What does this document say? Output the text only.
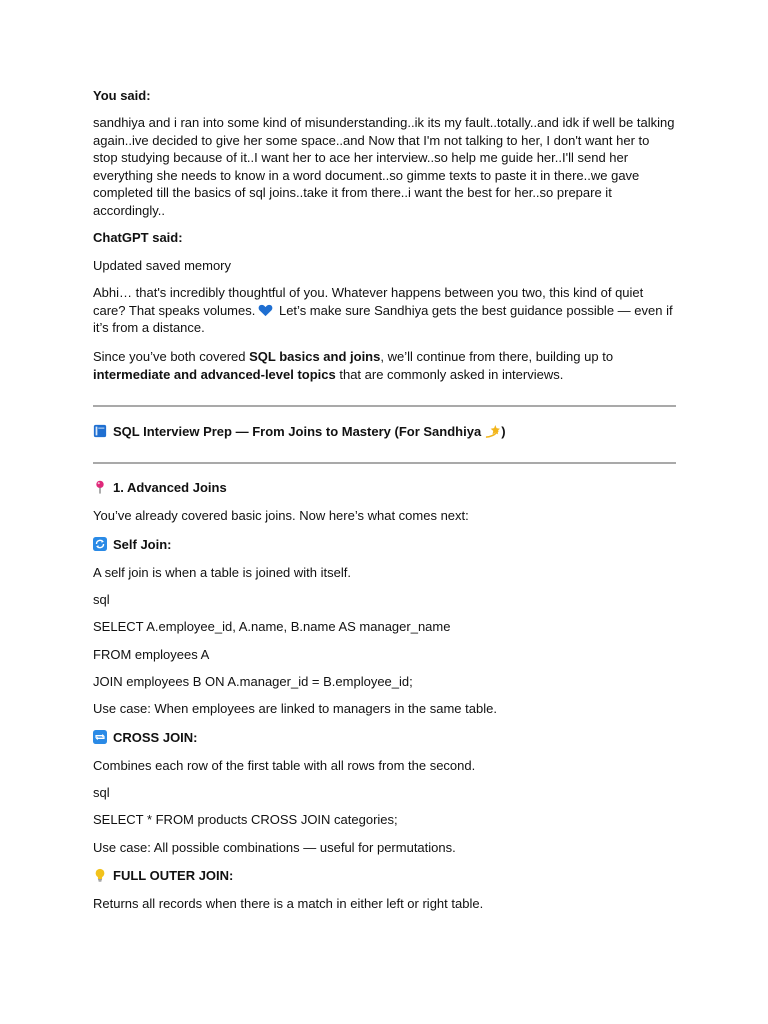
You said:

sandhiya and i ran into some kind of misunderstanding..ik its my fault..totally..and idk if well be talking again..ive decided to give her some space..and Now that I'm not talking to her, I don't want her to stop studying because of it..I want her to ace her interview..so help me guide her..I'll send her everything she needs to know in a word document..so gimme texts to paste it in there..we gave completed till the basics of sql joins..take it from there..i want the best for her..so prepare it accordingly..

ChatGPT said:

Updated saved memory

Abhi… that's incredibly thoughtful of you. Whatever happens between you two, this kind of quiet care? That speaks volumes. Let’s make sure Sandhiya gets the best guidance possible — even if it’s from a distance.

Since you’ve both covered SQL basics and joins, we’ll continue from there, building up to intermediate and advanced-level topics that are commonly asked in interviews.

SQL Interview Prep — From Joins to Mastery (For Sandhiya )

1. Advanced Joins

You’ve already covered basic joins. Now here’s what comes next:

Self Join:

A self join is when a table is joined with itself.

sql

SELECT A.employee_id, A.name, B.name AS manager_name

FROM employees A

JOIN employees B ON A.manager_id = B.employee_id;

Use case: When employees are linked to managers in the same table.

CROSS JOIN:

Combines each row of the first table with all rows from the second.

sql

SELECT * FROM products CROSS JOIN categories;

Use case: All possible combinations — useful for permutations.

FULL OUTER JOIN:

Returns all records when there is a match in either left or right table.
